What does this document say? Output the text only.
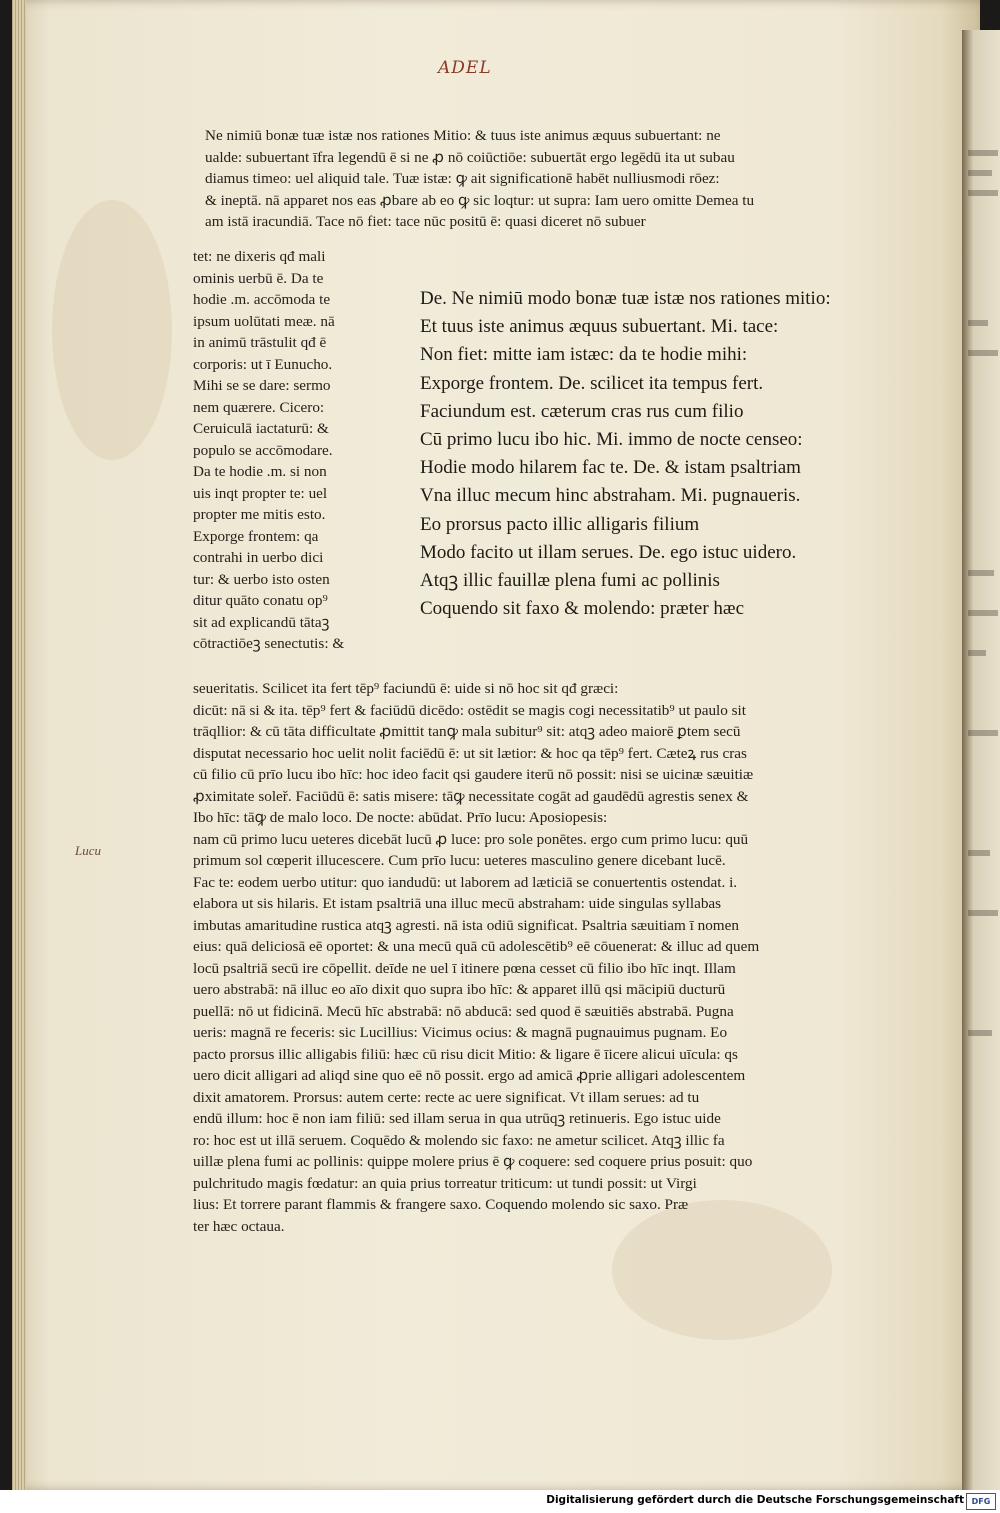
ADEL
Ne nimiū bonæ tuæ istæ nos rationes Mitio: & tuus iste animus æquus subuertant: ne
ualde: subuertant īfra legendū ē si ne ꝓ nō coiūctiōe: subuertāt ergo legēdū ita ut subau
diamus timeo: uel aliquid tale. Tuæ istæ: ꝙ ait significationē habēt nulliusmodi rōez:
& ineptā. nā apparet nos eas ꝓbare ab eo ꝙ sic loqtur: ut supra: Iam uero omitte Demea tu
am istā iracundiā. Tace nō fiet: tace nūc positū ē: quasi diceret nō subuer
tet: ne dixeris qđ mali
ominis uerbū ē. Da te
hodie .m. accōmoda te
ipsum uolūtati meæ. nā
in animū trāstulit qđ ē
corporis: ut ī Eunucho.
Mihi se se dare: sermo
nem quærere. Cicero:
Ceruiculā iactaturū: &
populo se accōmodare.
Da te hodie .m. si non
uis inqt propter te: uel
propter me mitis esto.
Exporge frontem: qa
contrahi in uerbo dici
tur: & uerbo isto osten
ditur quāto conatu op⁹
sit ad explicandū tātaꝫ
cōtractiōeꝫ senectutis: &
De. Ne nimiū modo bonæ tuæ istæ nos rationes mitio:
Et tuus iste animus æquus subuertant. Mi. tace:
Non fiet: mitte iam istæc: da te hodie mihi:
Exporge frontem. De. scilicet ita tempus fert.
Faciundum est. cæterum cras rus cum filio
Cū primo lucu ibo hic. Mi. immo de nocte censeo:
Hodie modo hilarem fac te. De. & istam psaltriam
Vna illuc mecum hinc abstraham. Mi. pugnaueris.
Eo prorsus pacto illic alligaris filium
Modo facito ut illam serues. De. ego istuc uidero.
Atqꝫ illic fauillæ plena fumi ac pollinis
Coquendo sit faxo & molendo: præter hæc
Lucu
seueritatis. Scilicet ita fert tēp⁹ faciundū ē: uide si nō hoc sit qđ græci:
dicūt: nā si & ita. tēp⁹ fert & faciūdū dicēdo: ostēdit se magis cogi necessitatib⁹ ut paulo sit
trāqllior: & cū tāta difficultate ꝓmittit tanꝙ mala subitur⁹ sit: atqꝫ adeo maiorē ꝑtem secū
disputat necessario hoc uelit nolit faciēdū ē: ut sit lætior: & hoc qa tēp⁹ fert. Cæteꝝ rus cras
cū filio cū prīo lucu ibo hīc: hoc ideo facit qsi gaudere iterū nō possit: nisi se uicinæ sæuitiæ
ꝓximitate soleř. Faciūdū ē: satis misere: tāꝙ necessitate cogāt ad gaudēdū agrestis senex &
Ibo hīc: tāꝙ de malo loco. De nocte: abūdat. Prīo lucu: Aposiopesis:
nam cū primo lucu ueteres dicebāt lucū ꝓ luce: pro sole ponētes. ergo cum primo lucu: quū
primum sol cœperit illucescere. Cum prīo lucu: ueteres masculino genere dicebant lucē.
Fac te: eodem uerbo utitur: quo iandudū: ut laborem ad læticiā se conuertentis ostendat. i.
elabora ut sis hilaris. Et istam psaltriā una illuc mecū abstraham: uide singulas syllabas
imbutas amaritudine rustica atqꝫ agresti. nā ista odiū significat. Psaltria sæuitiam ī nomen
eius: quā deliciosā eē oportet: & una mecū quā cū adolescētib⁹ eē cōuenerat: & illuc ad quem
locū psaltriā secū ire cōpellit. deīde ne uel ī itinere pœna cesset cū filio ibo hīc inqt. Illam
uero abstrabā: nā illuc eo aīo dixit quo supra ibo hīc: & apparet illū qsi mācipiū ducturū
puellā: nō ut fidicinā. Mecū hīc abstrabā: nō abducā: sed quod ē sæuitiēs abstrabā. Pugna
ueris: magnā re feceris: sic Lucillius: Vicimus ocius: & magnā pugnauimus pugnam. Eo
pacto prorsus illic alligabis filiū: hæc cū risu dicit Mitio: & ligare ē īicere alicui uīcula: qs
uero dicit alligari ad aliqd sine quo eē nō possit. ergo ad amicā ꝓprie alligari adolescentem
dixit amatorem. Prorsus: autem certe: recte ac uere significat. Vt illam serues: ad tu
endū illum: hoc ē non iam filiū: sed illam serua in qua utrūqꝫ retinueris. Ego istuc uide
ro: hoc est ut illā seruem. Coquēdo & molendo sic faxo: ne ametur scilicet. Atqꝫ illic fa
uillæ plena fumi ac pollinis: quippe molere prius ē ꝙ coquere: sed coquere prius posuit: quo
pulchritudo magis fœdatur: an quia prius torreatur triticum: ut tundi possit: ut Virgi
lius: Et torrere parant flammis & frangere saxo. Coquendo molendo sic saxo. Præ
ter hæc octaua.
Digitalisierung gefördert durch die Deutsche Forschungsgemeinschaft DFG
